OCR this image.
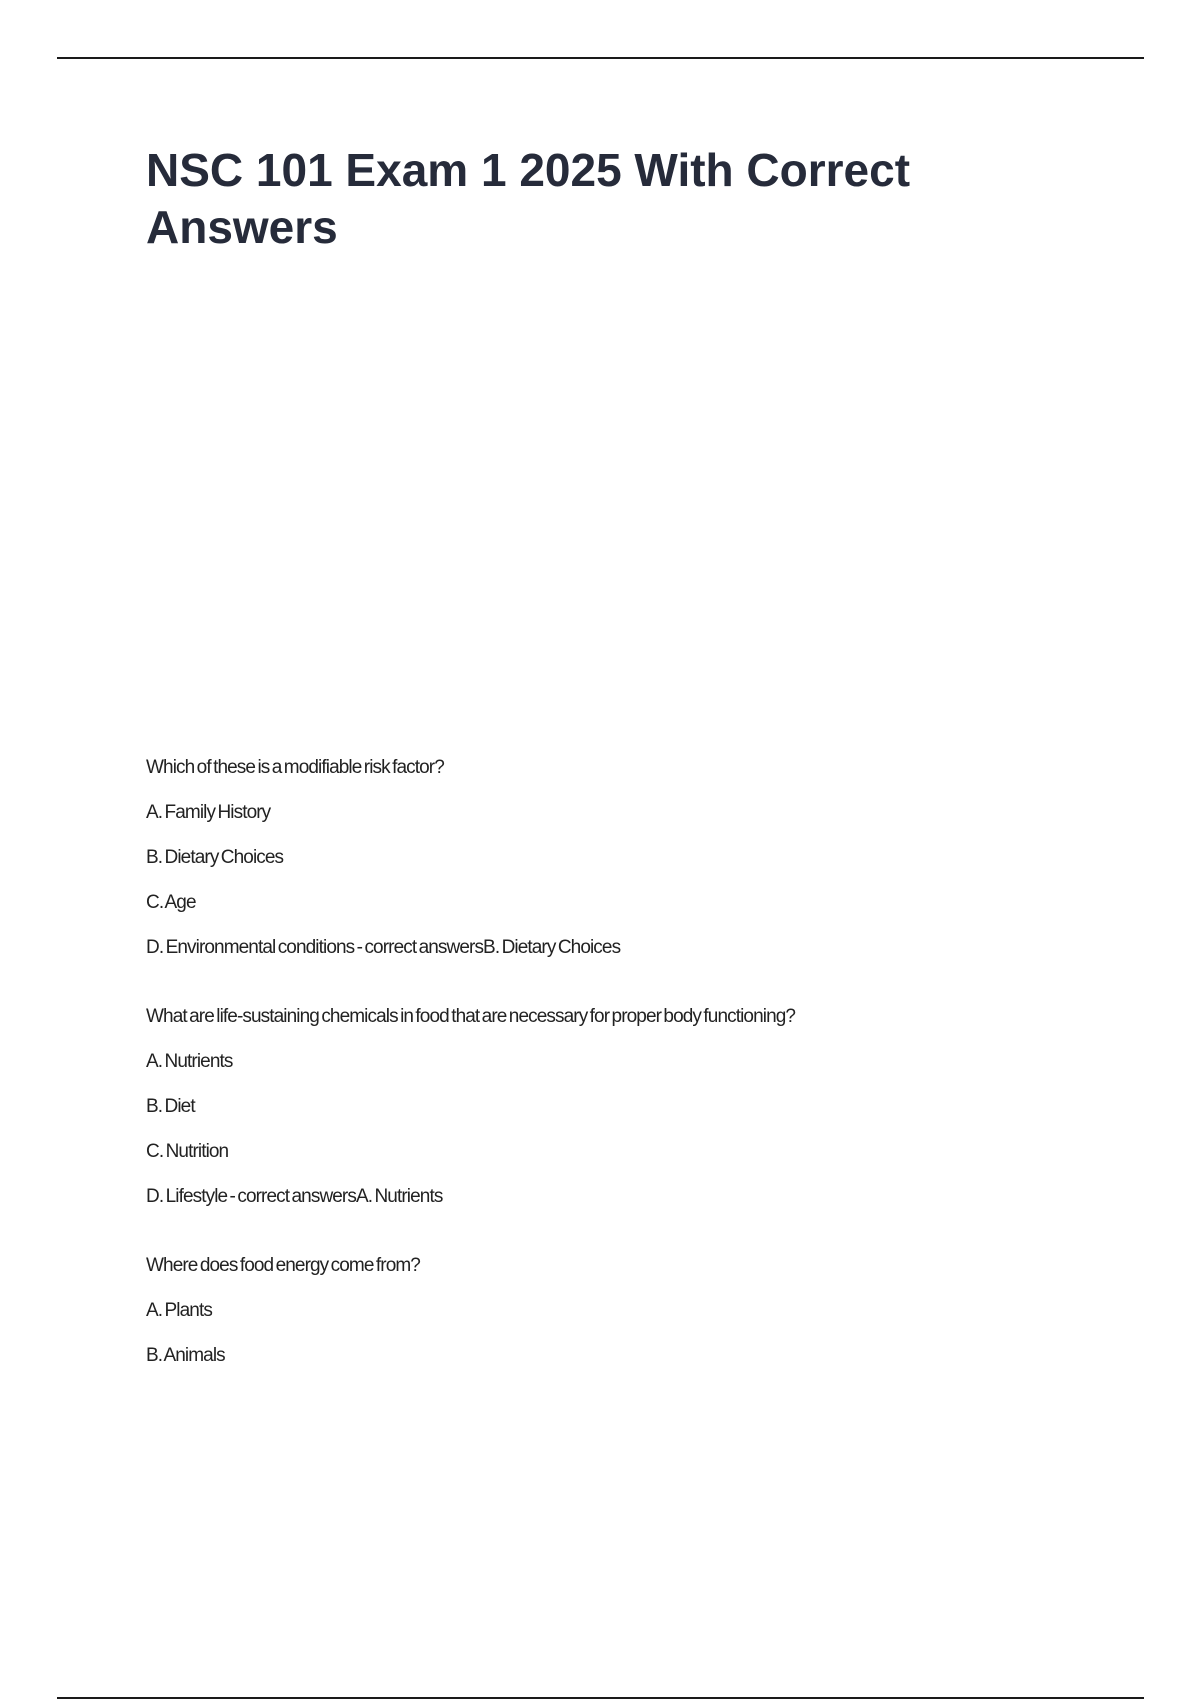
NSC 101 Exam 1 2025 With Correct Answers

Which of these is a modifiable risk factor?

A. Family History

B. Dietary Choices

C. Age

D. Environmental conditions - correct answersB. Dietary Choices

What are life-sustaining chemicals in food that are necessary for proper body functioning?

A. Nutrients

B. Diet

C. Nutrition

D. Lifestyle - correct answersA. Nutrients

Where does food energy come from?

A. Plants

B. Animals
